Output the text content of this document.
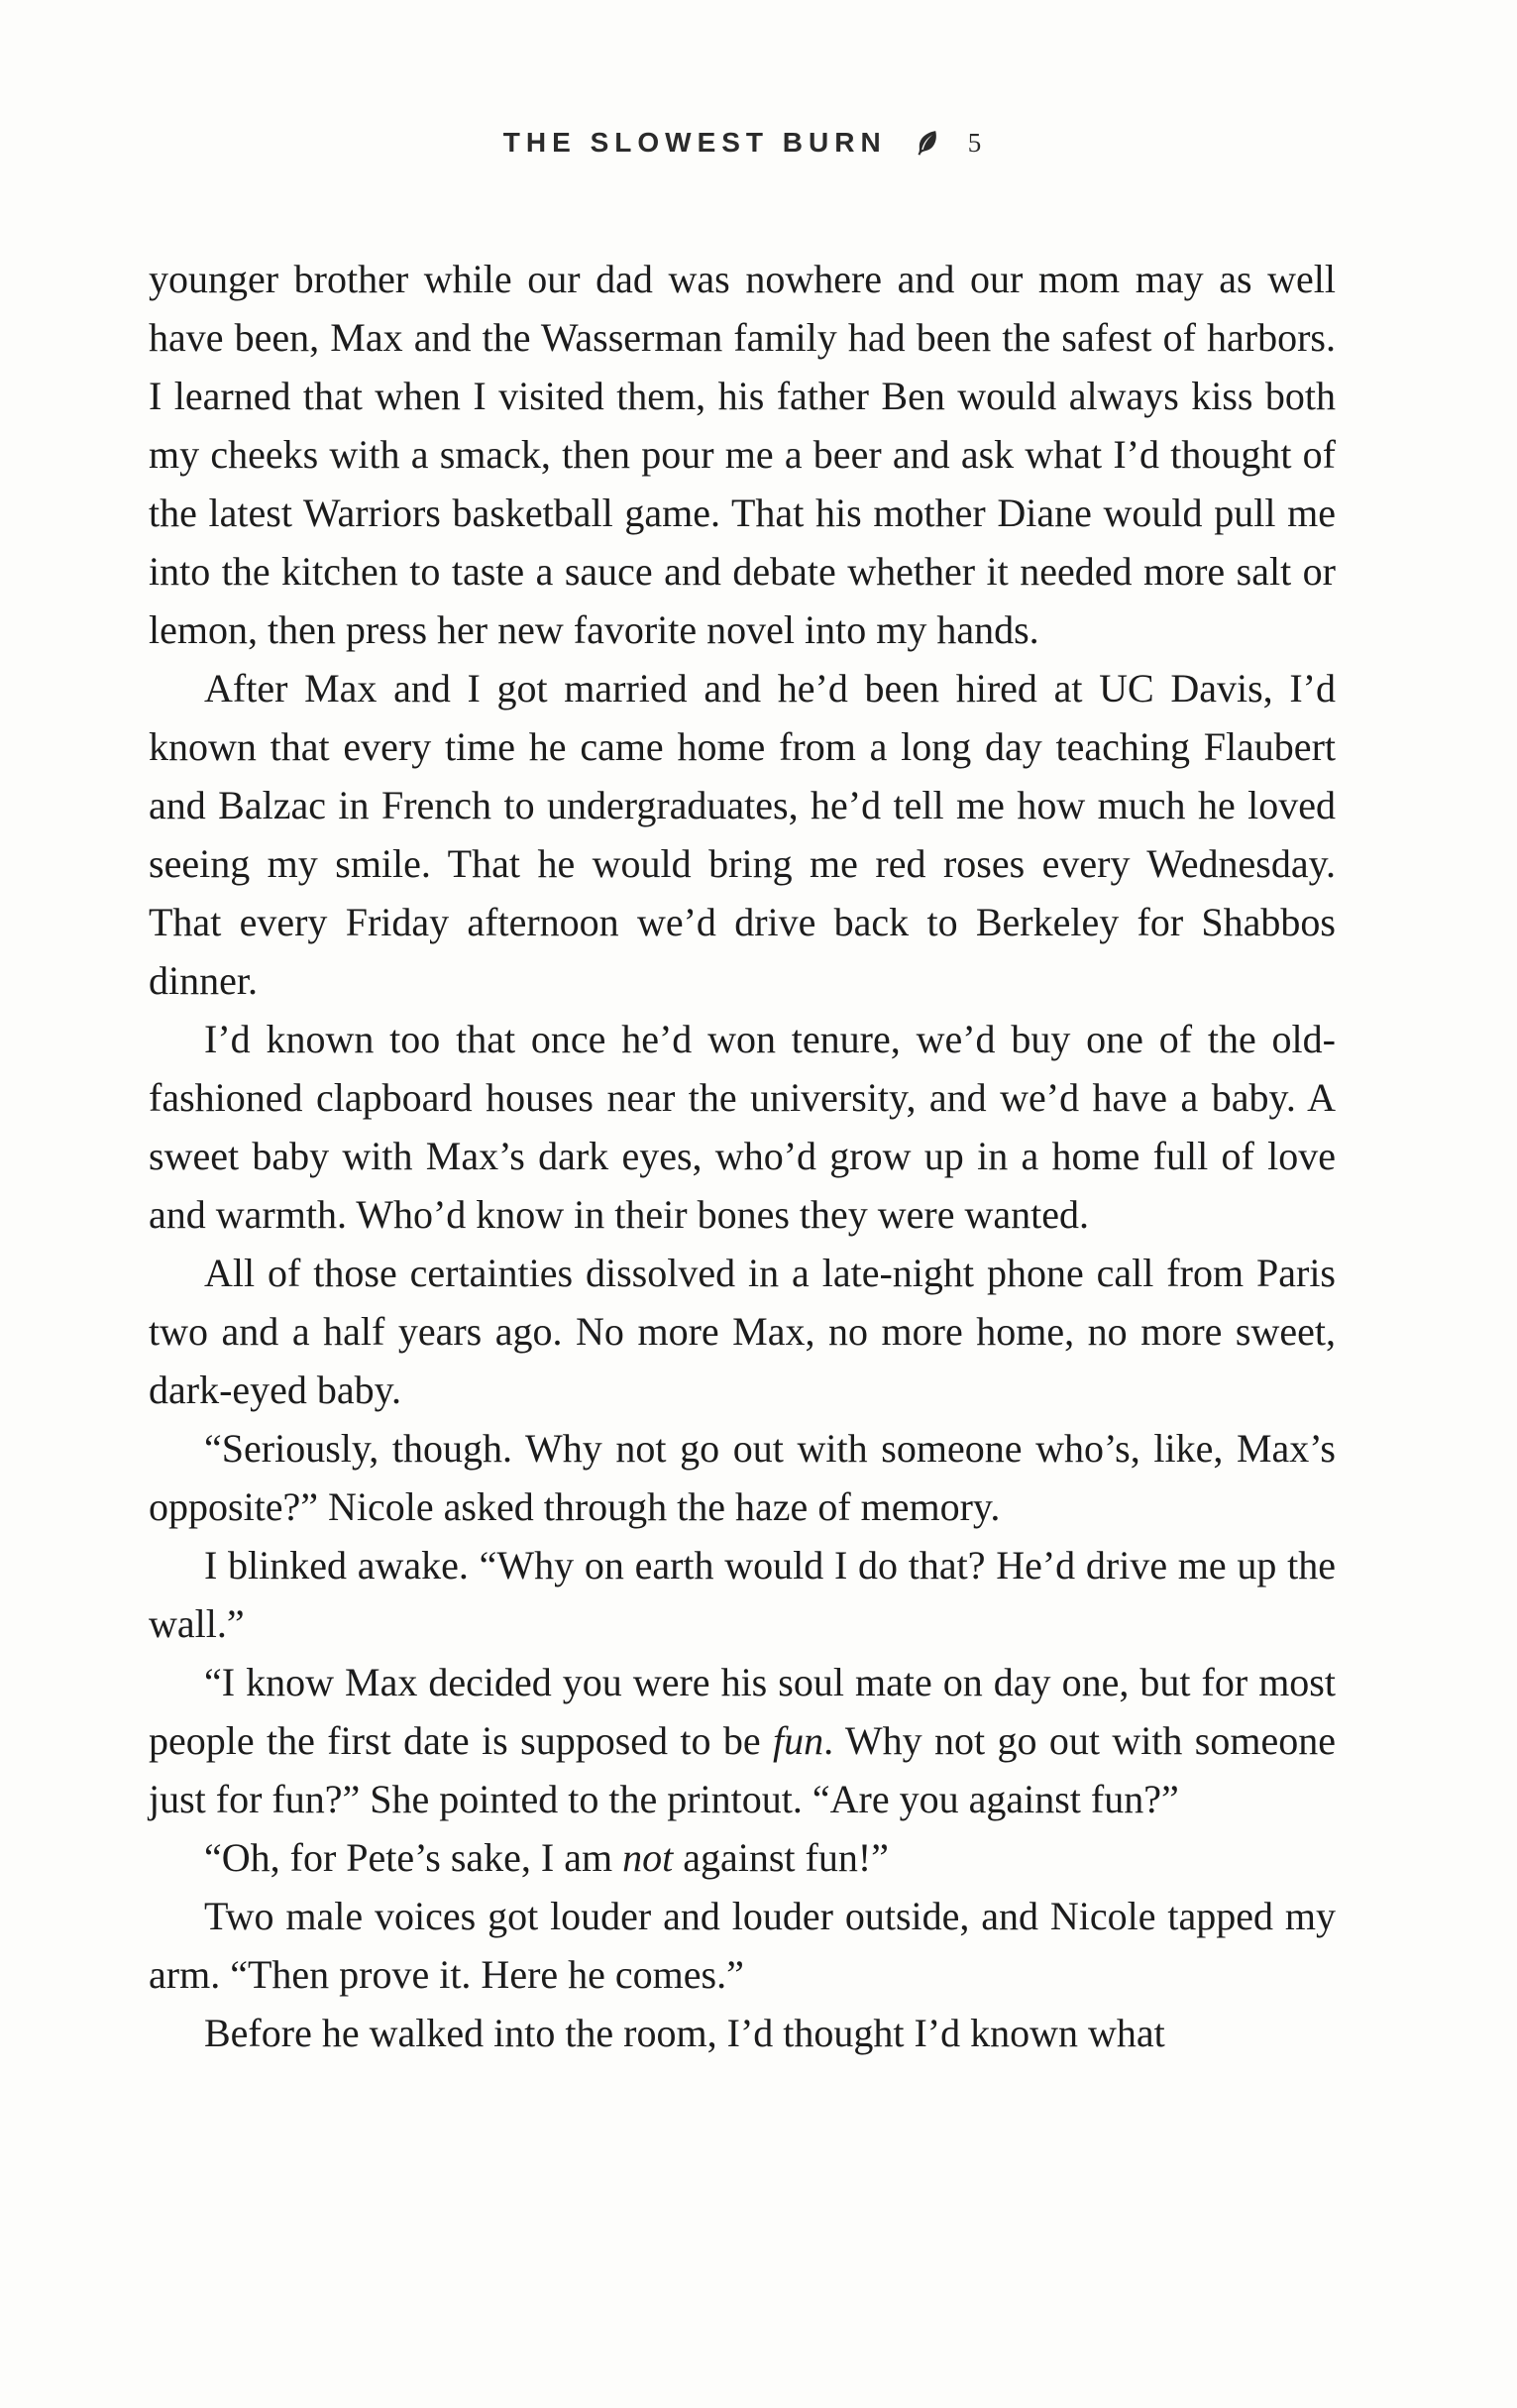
THE SLOWEST BURN	5

younger brother while our dad was nowhere and our mom may as well have been, Max and the Wasserman family had been the safest of harbors. I learned that when I visited them, his father Ben would always kiss both my cheeks with a smack, then pour me a beer and ask what I’d thought of the latest Warriors basketball game. That his mother Diane would pull me into the kitchen to taste a sauce and debate whether it needed more salt or lemon, then press her new favorite novel into my hands.

After Max and I got married and he’d been hired at UC Davis, I’d known that every time he came home from a long day teaching Flaubert and Balzac in French to undergraduates, he’d tell me how much he loved seeing my smile. That he would bring me red roses every Wednesday. That every Friday afternoon we’d drive back to Berkeley for Shabbos dinner.

I’d known too that once he’d won tenure, we’d buy one of the old-fashioned clapboard houses near the university, and we’d have a baby. A sweet baby with Max’s dark eyes, who’d grow up in a home full of love and warmth. Who’d know in their bones they were wanted.

All of those certainties dissolved in a late-night phone call from Paris two and a half years ago. No more Max, no more home, no more sweet, dark-eyed baby.

“Seriously, though. Why not go out with someone who’s, like, Max’s opposite?” Nicole asked through the haze of memory.

I blinked awake. “Why on earth would I do that? He’d drive me up the wall.”

“I know Max decided you were his soul mate on day one, but for most people the first date is supposed to be fun. Why not go out with someone just for fun?” She pointed to the printout. “Are you against fun?”

“Oh, for Pete’s sake, I am not against fun!”

Two male voices got louder and louder outside, and Nicole tapped my arm. “Then prove it. Here he comes.”

Before he walked into the room, I’d thought I’d known what
